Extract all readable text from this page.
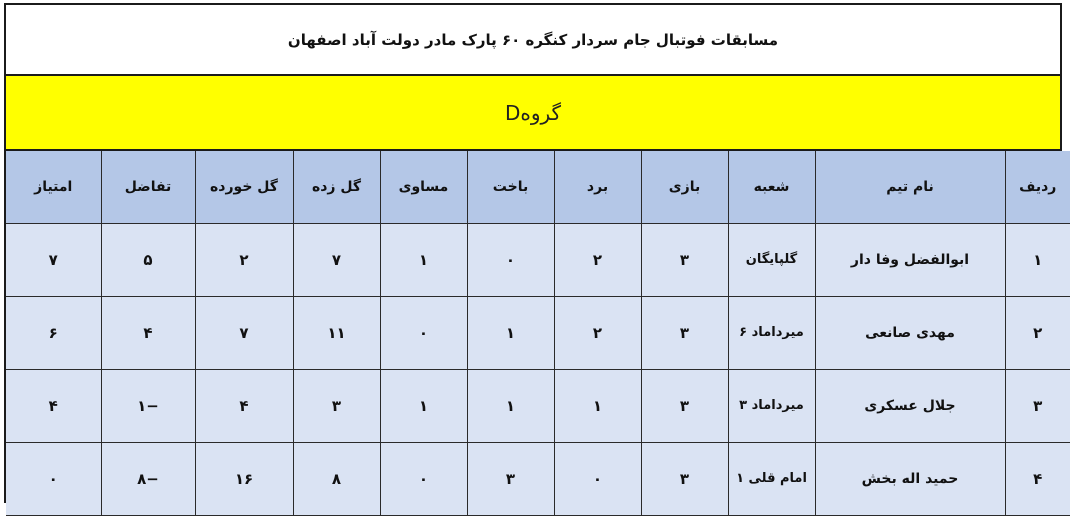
مسابقات فوتبال جام سردار کنگره ۶۰ پارک مادر دولت آباد اصفهان
گروهD
ردیف	نام تیم	شعبه	بازی	برد	باخت	مساوی	گل زده	گل خورده	تفاضل	امتیاز
۱	ابوالفضل وفا دار	گلپایگان	۳	۲	۰	۱	۷	۲	۵	۷
۲	مهدی صانعی	میرداماد ۶	۳	۲	۱	۰	۱۱	۷	۴	۶
۳	جلال عسکری	میرداماد ۳	۳	۱	۱	۱	۳	۴	−۱	۴
۴	حمید اله بخش	امام قلی ۱	۳	۰	۳	۰	۸	۱۶	−۸	۰
